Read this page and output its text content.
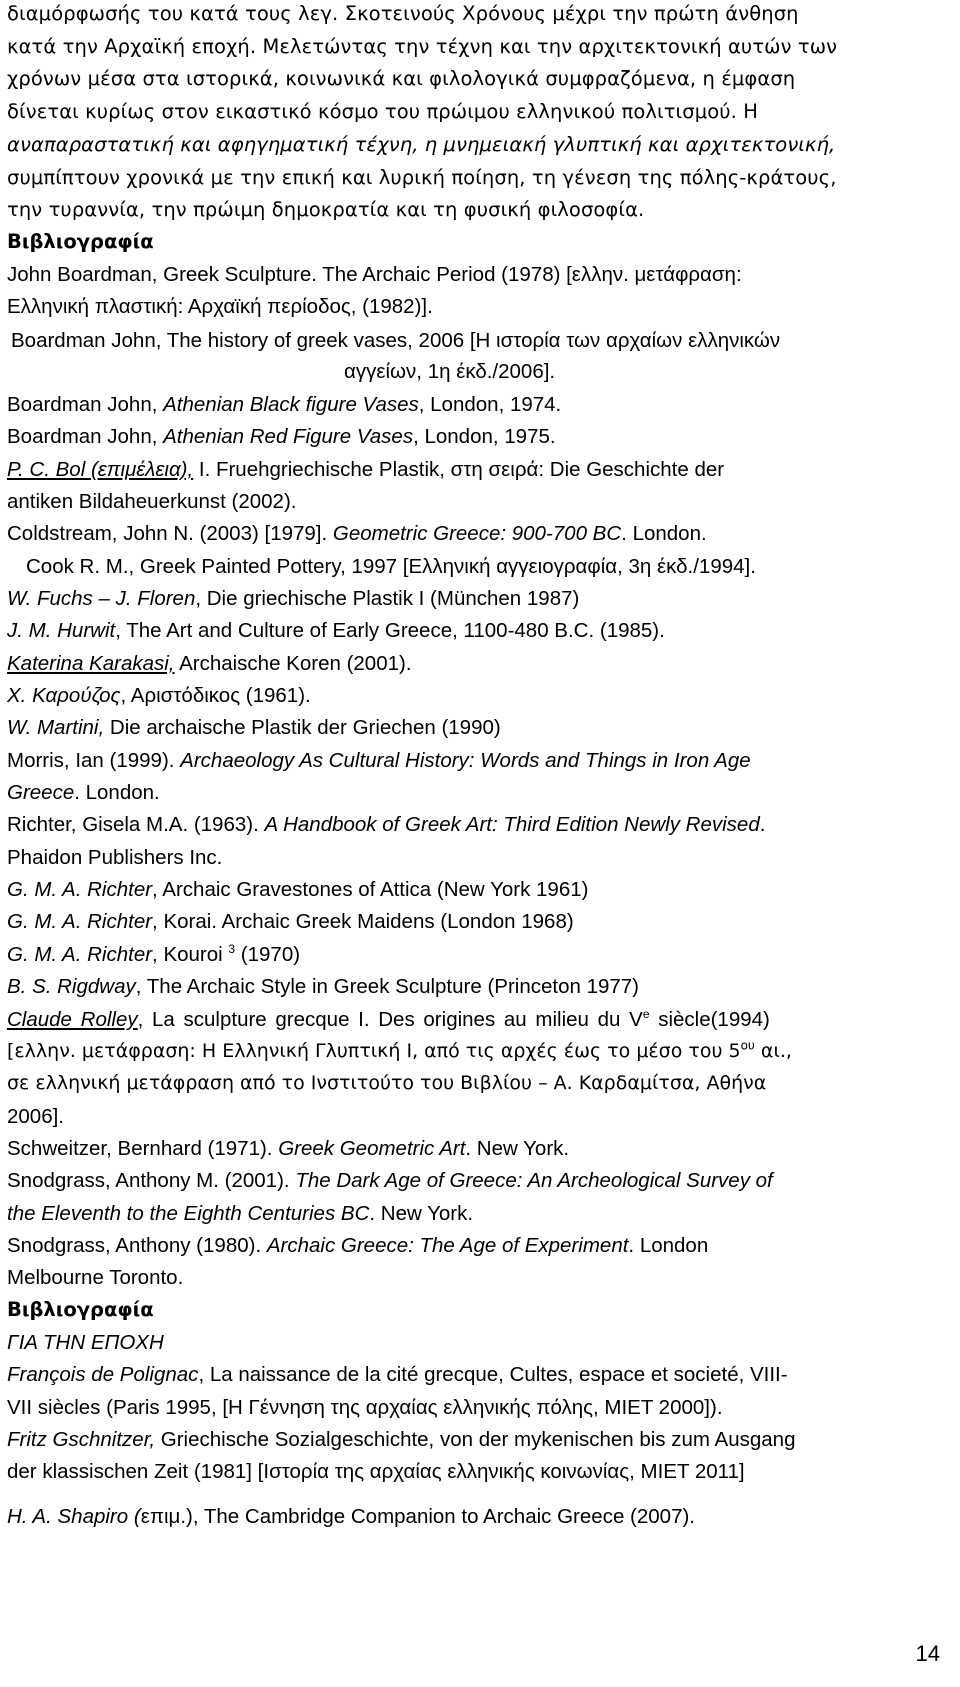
διαμόρφωσής του κατά τους λεγ. Σκοτεινούς Χρόνους μέχρι την πρώτη άνθηση
κατά την Αρχαϊκή εποχή. Μελετώντας την τέχνη και την αρχιτεκτονική αυτών των
χρόνων μέσα στα ιστορικά, κοινωνικά και φιλολογικά συμφραζόμενα, η έμφαση
δίνεται κυρίως στον εικαστικό κόσμο του πρώιμου ελληνικού πολιτισμού. Η
αναπαραστατική και αφηγηματική τέχνη, η μνημειακή γλυπτική και αρχιτεκτονική,
συμπίπτουν χρονικά με την επική και λυρική ποίηση, τη γένεση της πόλης-κράτους,
την τυραννία, την πρώιμη δημοκρατία και τη φυσική φιλοσοφία.
Βιβλιογραφία
John Boardman, Greek Sculpture. The Archaic Period (1978) [ελλην. μετάφραση:
Ελληνική πλαστική: Αρχαϊκή περίοδος, (1982)].
Boardman John, The history of greek vases, 2006 [Η ιστορία των αρχαίων ελληνικών
αγγείων, 1η έκδ./2006].
Boardman John, Athenian Black figure Vases, London, 1974.
Boardman John, Athenian Red Figure Vases, London, 1975.
P. C. Bol (επιμέλεια), I. Fruehgriechische Plastik, στη σειρά: Die Geschichte der
antiken Bildaheuerkunst (2002).
Coldstream, John N. (2003) [1979]. Geometric Greece: 900-700 BC. London.
Cook R. M., Greek Painted Pottery, 1997 [Ελληνική αγγειογραφία, 3η έκδ./1994].
W. Fuchs – J. Floren, Die griechische Plastik I (München 1987)
J. M. Hurwit, The Art and Culture of Early Greece, 1100-480 B.C. (1985).
Katerina Karakasi, Archaische Koren (2001).
Χ. Καρούζος, Αριστόδικος (1961).
W. Martini, Die archaische Plastik der Griechen (1990)
Morris, Ian (1999). Archaeology As Cultural History: Words and Things in Iron Age
Greece. London.
Richter, Gisela M.A. (1963). A Handbook of Greek Art: Third Edition Newly Revised.
Phaidon Publishers Inc.
G. M. A. Richter, Archaic Gravestones of Attica (New York 1961)
G. M. A. Richter, Korai. Archaic Greek Maidens (London 1968)
G. M. A. Richter, Kouroi $^3$ (1970)
B. S. Rigdway, The Archaic Style in Greek Sculpture (Princeton 1977)
Claude Rolley, La sculpture grecque I. Des origines au milieu du Ve siècle(1994)
[ελλην. μετάφραση: Η Ελληνική Γλυπτική Ι, από τις αρχές έως το μέσο του $5^{o\upsilon}$ αι.,
σε ελληνική μετάφραση από το Ινστιτούτο του Βιβλίου – Α. Καρδαμίτσα, Αθήνα
2006].
Schweitzer, Bernhard (1971). Greek Geometric Art. New York.
Snodgrass, Anthony M. (2001). The Dark Age of Greece: An Archeological Survey of
the Eleventh to the Eighth Centuries BC. New York.
Snodgrass, Anthony (1980). Archaic Greece: The Age of Experiment. London
Melbourne Toronto.
Βιβλιογραφία
ΓΙΑ ΤΗΝ ΕΠΟΧΗ
François de Polignac, La naissance de la cité grecque, Cultes, espace et societé, VIII-
VII siècles (Paris 1995, [Η Γέννηση της αρχαίας ελληνικής πόλης, ΜΙΕΤ 2000]).
Fritz Gschnitzer, Griechische Sozialgeschichte, von der mykenischen bis zum Ausgang
der klassischen Zeit (1981] [Ιστορία της αρχαίας ελληνικής κοινωνίας, ΜΙΕΤ 2011]
H. A. Shapiro (επιμ.), The Cambridge Companion to Archaic Greece (2007).
14
